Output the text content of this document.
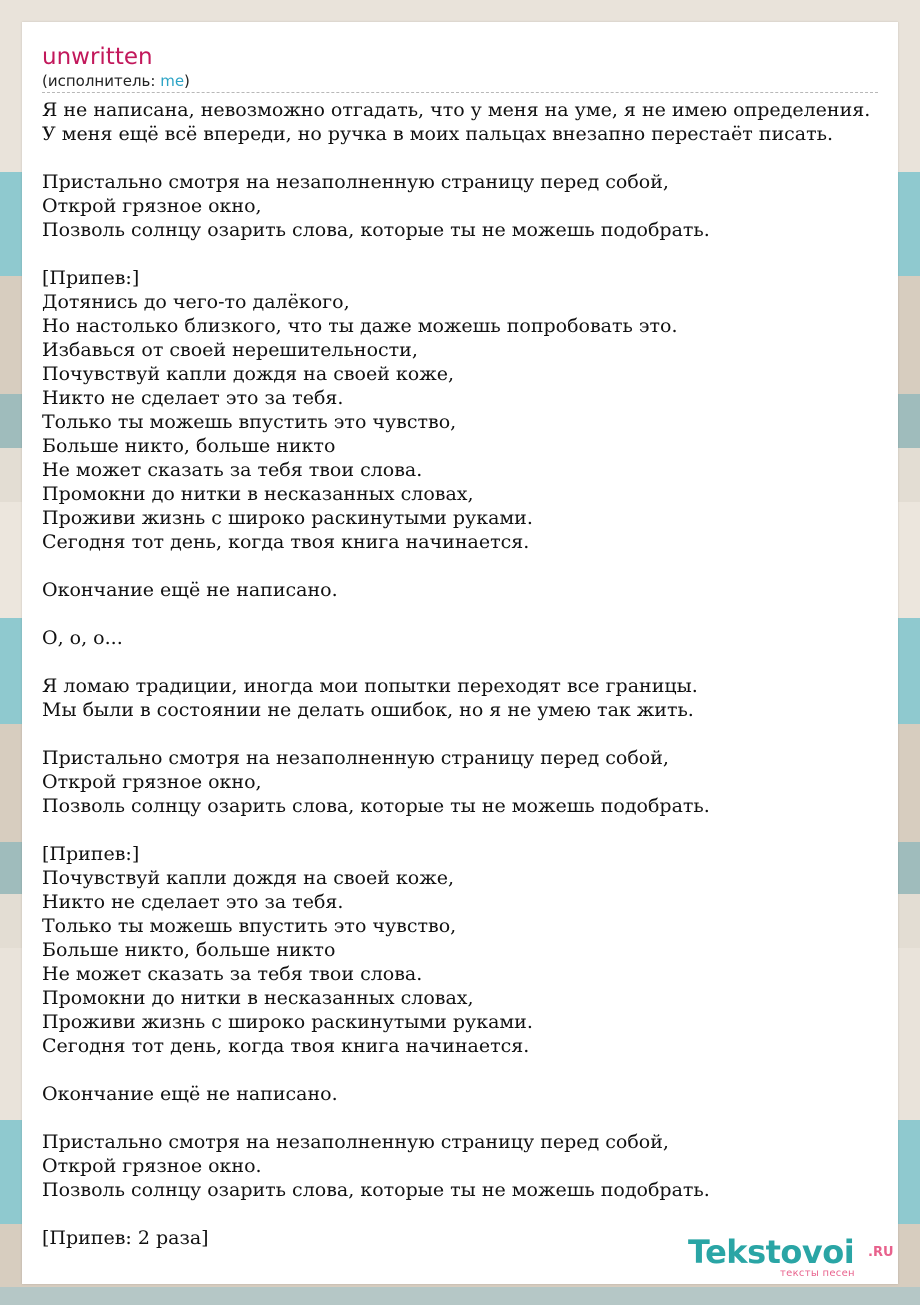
unwritten
(исполнитель: me)
Я не написана, невозможно отгадать, что у меня на уме, я не имею определения.
У меня ещё всё впереди, но ручка в моих пальцах внезапно перестаёт писать.
Пристально смотря на незаполненную страницу перед собой,
Открой грязное окно,
Позволь солнцу озарить слова, которые ты не можешь подобрать.
[Припев:]
Дотянись до чего-то далёкого,
Но настолько близкого, что ты даже можешь попробовать это.
Избавься от своей нерешительности,
Почувствуй капли дождя на своей коже,
Никто не сделает это за тебя.
Только ты можешь впустить это чувство,
Больше никто, больше никто
Не может сказать за тебя твои слова.
Промокни до нитки в несказанных словах,
Проживи жизнь с широко раскинутыми руками.
Сегодня тот день, когда твоя книга начинается.
Окончание ещё не написано.
О, о, о...
Я ломаю традиции, иногда мои попытки переходят все границы.
Мы были в состоянии не делать ошибок, но я не умею так жить.
Пристально смотря на незаполненную страницу перед собой,
Открой грязное окно,
Позволь солнцу озарить слова, которые ты не можешь подобрать.
[Припев:]
Почувствуй капли дождя на своей коже,
Никто не сделает это за тебя.
Только ты можешь впустить это чувство,
Больше никто, больше никто
Не может сказать за тебя твои слова.
Промокни до нитки в несказанных словах,
Проживи жизнь с широко раскинутыми руками.
Сегодня тот день, когда твоя книга начинается.
Окончание ещё не написано.
Пристально смотря на незаполненную страницу перед собой,
Открой грязное окно.
Позволь солнцу озарить слова, которые ты не можешь подобрать.
[Припев: 2 раза]	Tekstovoi .RU
тексты песен
